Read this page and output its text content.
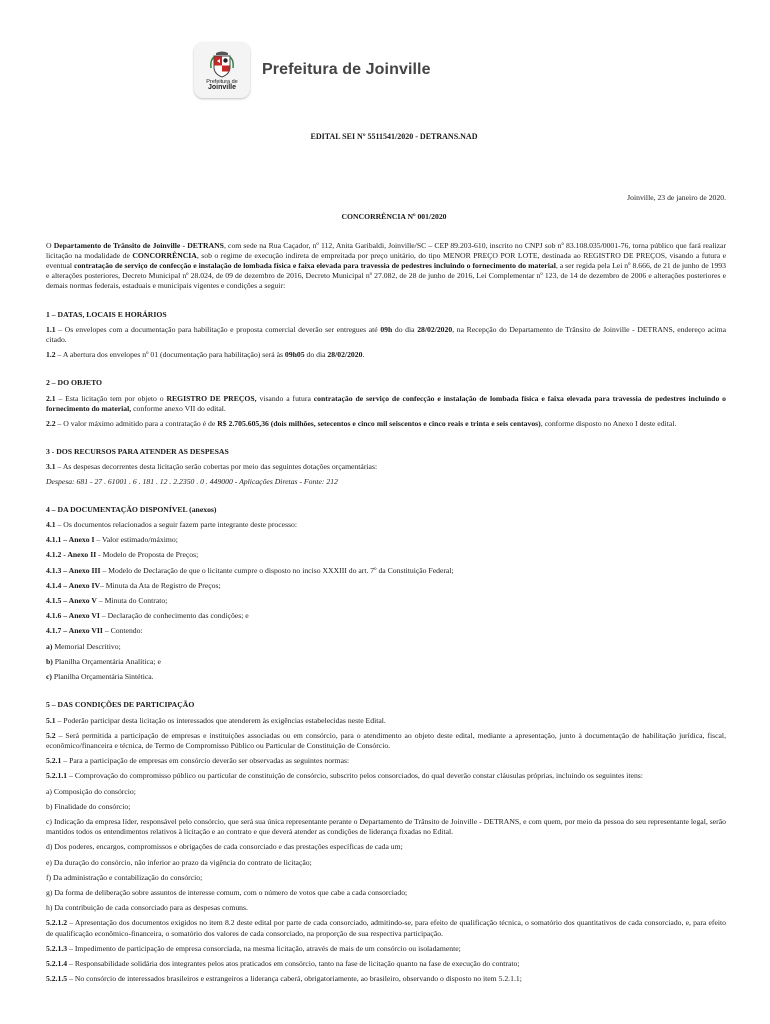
Prefeitura de
Joinville
Prefeitura de Joinville
EDITAL SEI Nº 5511541/2020 - DETRANS.NAD
Joinville, 23 de janeiro de 2020.
CONCORRÊNCIA Nº 001/2020

O Departamento de Trânsito de Joinville - DETRANS, com sede na Rua Caçador, nº 112, Anita Garibaldi, Joinville/SC – CEP 89.203-610, inscrito no CNPJ sob nº 83.108.035/0001-76, torna público que fará realizar licitação na modalidade de CONCORRÊNCIA, sob o regime de execução indireta de empreitada por preço unitário, do tipo MENOR PREÇO POR LOTE, destinada ao REGISTRO DE PREÇOS, visando a futura e eventual contratação de serviço de confecção e instalação de lombada física e faixa elevada para travessia de pedestres incluindo o fornecimento do material, a ser regida pela Lei nº 8.666, de 21 de junho de 1993 e alterações posteriores, Decreto Municipal nº 28.024, de 09 de dezembro de 2016, Decreto Municipal nº 27.082, de 28 de junho de 2016, Lei Complementar nº 123, de 14 de dezembro de 2006 e alterações posteriores e demais normas federais, estaduais e municipais vigentes e condições a seguir:

1 – DATAS, LOCAIS E HORÁRIOS

1.1 – Os envelopes com a documentação para habilitação e proposta comercial deverão ser entregues até 09h do dia 28/02/2020, na Recepção do Departamento de Trânsito de Joinville - DETRANS, endereço acima citado.

1.2 – A abertura dos envelopes nº 01 (documentação para habilitação) será às 09h05 do dia 28/02/2020.

2 – DO OBJETO

2.1 – Esta licitação tem por objeto o REGISTRO DE PREÇOS, visando a futura contratação de serviço de confecção e instalação de lombada física e faixa elevada para travessia de pedestres incluindo o fornecimento do material, conforme anexo VII do edital.

2.2 – O valor máximo admitido para a contratação é de R$ 2.705.605,36 (dois milhões, setecentos e cinco mil seiscentos e cinco reais e trinta e seis centavos), conforme disposto no Anexo I deste edital.

3 - DOS RECURSOS PARA ATENDER AS DESPESAS

3.1 – As despesas decorrentes desta licitação serão cobertas por meio das seguintes dotações orçamentárias:

Despesa: 681 - 27 . 61001 . 6 . 181 . 12 . 2.2350 . 0 . 449000 - Aplicações Diretas - Fonte: 212

4 – DA DOCUMENTAÇÃO DISPONÍVEL (anexos)

4.1 – Os documentos relacionados a seguir fazem parte integrante deste processo:

4.1.1 – Anexo I – Valor estimado/máximo;

4.1.2 - Anexo II - Modelo de Proposta de Preços;

4.1.3 – Anexo III – Modelo de Declaração de que o licitante cumpre o disposto no inciso XXXIII do art. 7º da Constituição Federal;

4.1.4 – Anexo IV– Minuta da Ata de Registro de Preços;

4.1.5 – Anexo V – Minuta do Contrato;

4.1.6 – Anexo VI – Declaração de conhecimento das condições; e

4.1.7 – Anexo VII – Contendo:

a) Memorial Descritivo;

b) Planilha Orçamentária Analítica; e

c) Planilha Orçamentária Sintética.

5 – DAS CONDIÇÕES DE PARTICIPAÇÃO

5.1 – Poderão participar desta licitação os interessados que atenderem às exigências estabelecidas neste Edital.

5.2 – Será permitida a participação de empresas e instituições associadas ou em consórcio, para o atendimento ao objeto deste edital, mediante a apresentação, junto à documentação de habilitação jurídica, fiscal, econômico/financeira e técnica, de Termo de Compromisso Público ou Particular de Constituição de Consórcio.

5.2.1 – Para a participação de empresas em consórcio deverão ser observadas as seguintes normas:

5.2.1.1 – Comprovação do compromisso público ou particular de constituição de consórcio, subscrito pelos consorciados, do qual deverão constar cláusulas próprias, incluindo os seguintes itens:

a) Composição do consórcio;

b) Finalidade do consórcio;

c) Indicação da empresa líder, responsável pelo consórcio, que será sua única representante perante o Departamento de Trânsito de Joinville - DETRANS, e com quem, por meio da pessoa do seu representante legal, serão mantidos todos os entendimentos relativos à licitação e ao contrato e que deverá atender as condições de liderança fixadas no Edital.

d) Dos poderes, encargos, compromissos e obrigações de cada consorciado e das prestações específicas de cada um;

e) Da duração do consórcio, não inferior ao prazo da vigência do contrato de licitação;

f) Da administração e contabilização do consórcio;

g) Da forma de deliberação sobre assuntos de interesse comum, com o número de votos que cabe a cada consorciado;

h) Da contribuição de cada consorciado para as despesas comuns.

5.2.1.2 – Apresentação dos documentos exigidos no item 8.2 deste edital por parte de cada consorciado, admitindo-se, para efeito de qualificação técnica, o somatório dos quantitativos de cada consorciado, e, para efeito de qualificação econômico-financeira, o somatório dos valores de cada consorciado, na proporção de sua respectiva participação.

5.2.1.3 – Impedimento de participação de empresa consorciada, na mesma licitação, através de mais de um consórcio ou isoladamente;

5.2.1.4 – Responsabilidade solidária dos integrantes pelos atos praticados em consórcio, tanto na fase de licitação quanto na fase de execução do contrato;

5.2.1.5 – No consórcio de interessados brasileiros e estrangeiros a liderança caberá, obrigatoriamente, ao brasileiro, observando o disposto no item 5.2.1.1;
